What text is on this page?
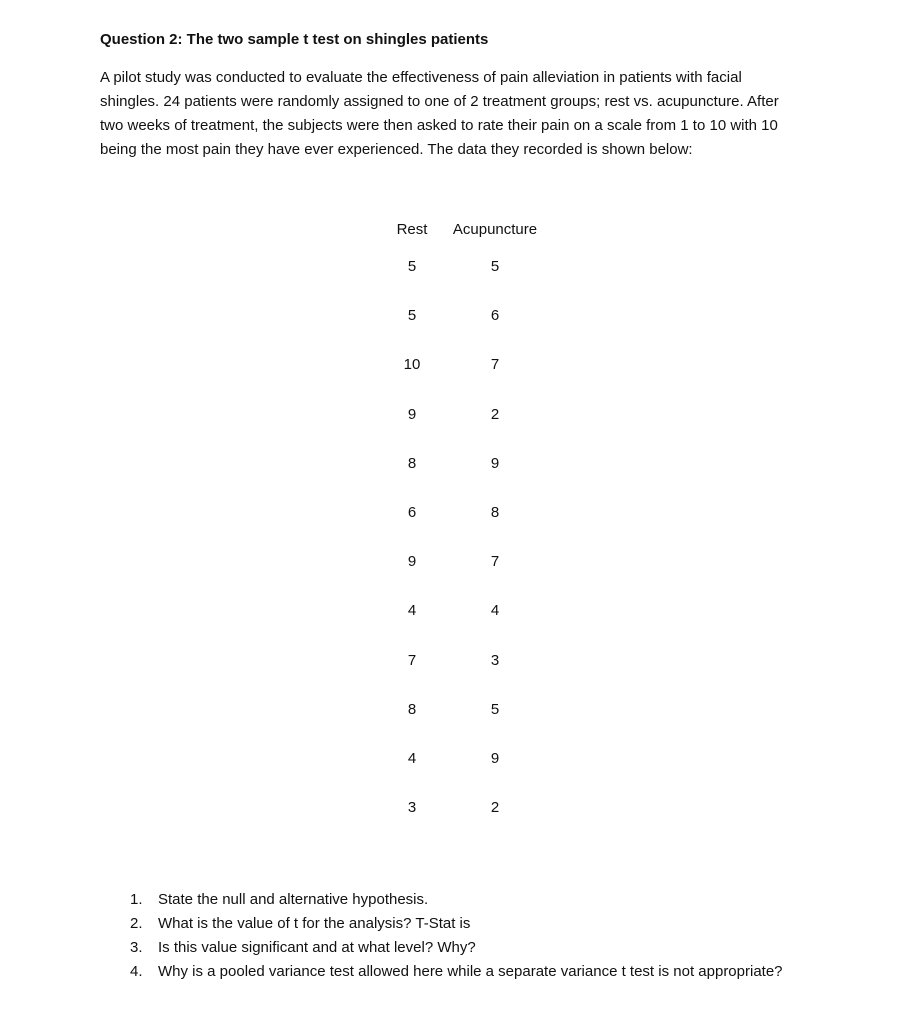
Question 2: The two sample t test on shingles patients
A pilot study was conducted to evaluate the effectiveness of pain alleviation in patients with facial
shingles. 24 patients were randomly assigned to one of 2 treatment groups; rest vs. acupuncture. After
two weeks of treatment, the subjects were then asked to rate their pain on a scale from 1 to 10 with 10
being the most pain they have ever experienced. The data they recorded is shown below:
Rest	Acupuncture
5	5
5	6
10	7
9	2
8	9
6	8
9	7
4	4
7	3
8	5
4	9
3	2
1. State the null and alternative hypothesis.
2. What is the value of t for the analysis? T-Stat is
3. Is this value significant and at what level? Why?
4. Why is a pooled variance test allowed here while a separate variance t test is not appropriate?
